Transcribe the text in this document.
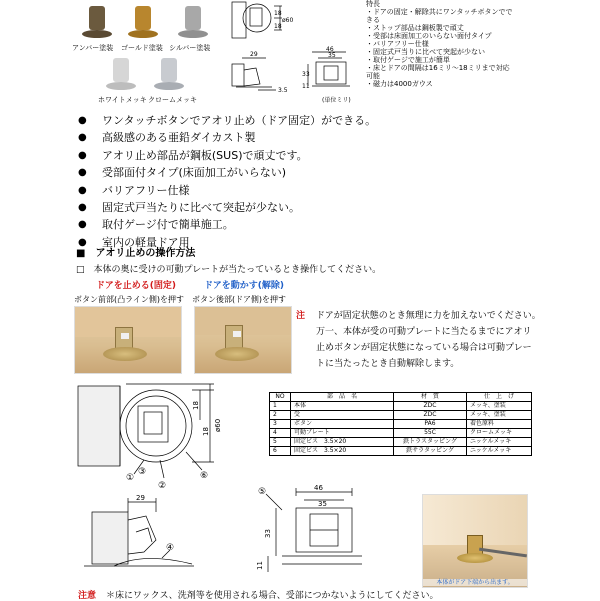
アンバー塗装 ゴールド塗装 シルバー塗装
ホワイトメッキ クロームメッキ
18
18
ø60
29
3.5
46
35
33
11
(単位ミリ)
特長
・ドアの固定・解除共にワンタッチボタンでできる
・ストップ部品は鋼板製で頑丈
・受部は床面加工のいらない面付タイプ
・バリアフリー仕様
・固定式戸当りに比べて突起が少ない
・取付ゲージで施工が簡単
・床とドアの間隔は16ミリ～18ミリまで対応可能
・磁力は4000ガウス
● ワンタッチボタンでアオリ止め（ドア固定）ができる。
● 高級感のある亜鉛ダイカスト製
● アオリ止め部品が鋼板(SUS)で頑丈です。
● 受部面付タイプ(床面加工がいらない)
● バリアフリー仕様
● 固定式戸当たりに比べて突起が少ない。
● 取付ゲージ付で簡単施工。
● 室内の軽量ドア用
■　アオリ止めの操作方法
□　本体の奥に受けの可動プレートが当たっているとき操作してください。
ドアを止める(固定)
ボタン前部(凸ライン側)を押す
ドアを動かす(解除)
ボタン後部(ドア側)を押す
注 ドアが固定状態のとき無理に力を加えないでください。
万一、本体が受の可動プレートに当たるまでにアオリ
止めボタンが固定状態になっている場合は可動プレー
トに当たったとき自動解除します。
18
18 ø60
①
②
③	⑥
NO	部　品　名	材　質	仕　上　げ
1	本体	ZDC	メッキ、塗装
2	受	ZDC	メッキ、塗装
3	ボタン	PA6	着色原料
4	可動プレート	55C	クロームメッキ
5	固定ビス　3.5×20	鉄トラスタッピング	ニッケルメッキ
6	固定ビス　3.5×20	鉄サラタッピング	ニッケルメッキ
29
④
46
35
33
11
⑤
本体がドア下端から出ます。
注意 ＊床にワックス、洗剤等を使用される場合、受部につかないようにしてください。
